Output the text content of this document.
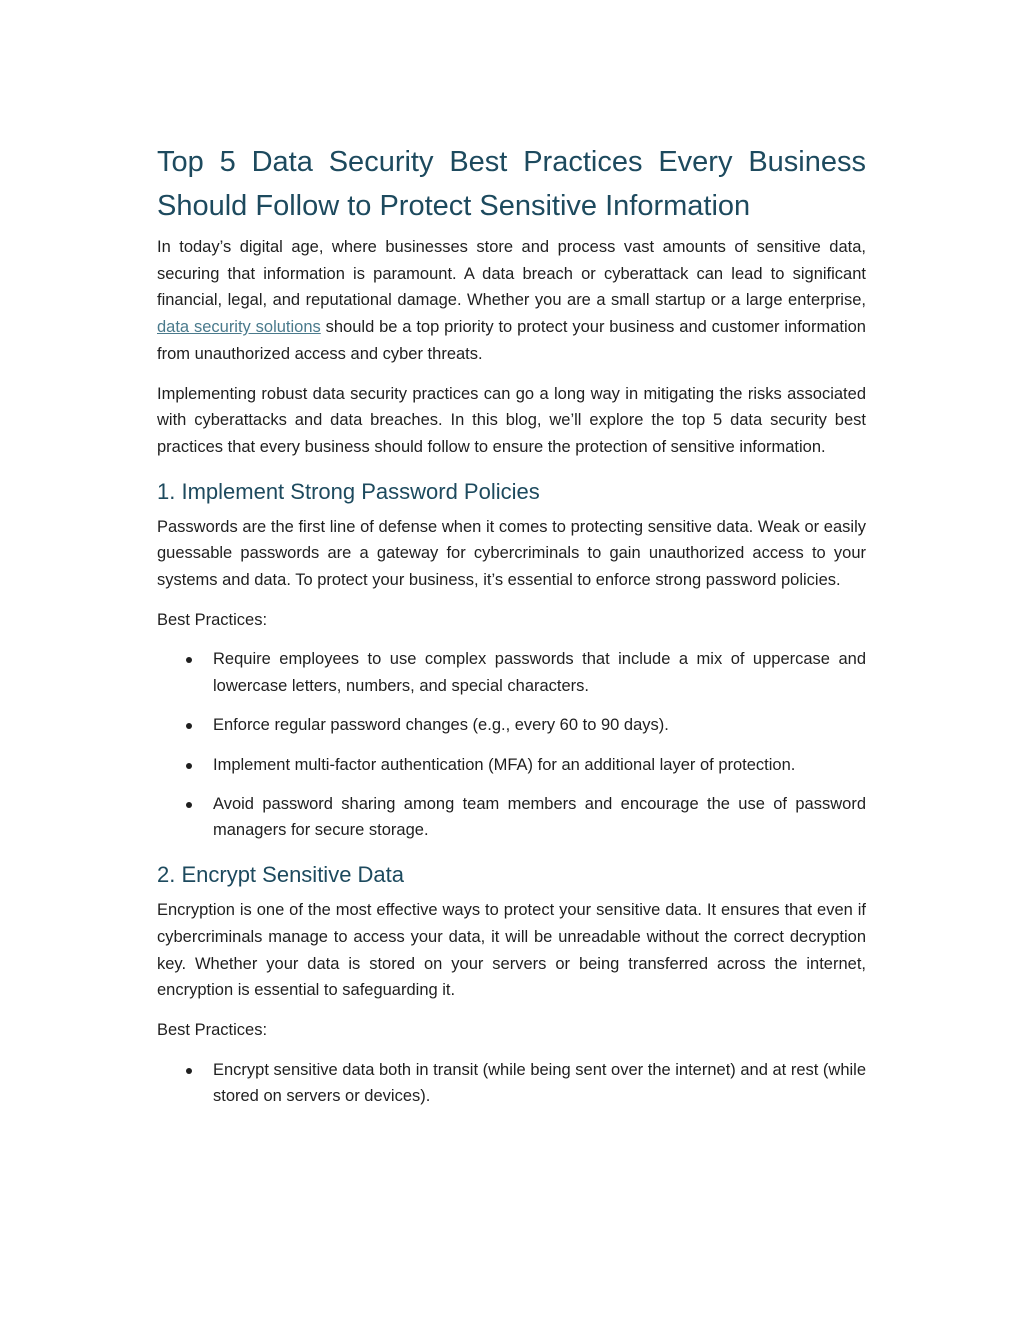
Top 5 Data Security Best Practices Every Business
Should Follow to Protect Sensitive Information

In today’s digital age, where businesses store and process vast amounts of sensitive data, securing that information is paramount. A data breach or cyberattack can lead to significant financial, legal, and reputational damage. Whether you are a small startup or a large enterprise, data security solutions should be a top priority to protect your business and customer information from unauthorized access and cyber threats.

Implementing robust data security practices can go a long way in mitigating the risks associated with cyberattacks and data breaches. In this blog, we’ll explore the top 5 data security best practices that every business should follow to ensure the protection of sensitive information.

1. Implement Strong Password Policies

Passwords are the first line of defense when it comes to protecting sensitive data. Weak or easily guessable passwords are a gateway for cybercriminals to gain unauthorized access to your systems and data. To protect your business, it’s essential to enforce strong password policies.

Best Practices:
Require employees to use complex passwords that include a mix of uppercase and lowercase letters, numbers, and special characters.
Enforce regular password changes (e.g., every 60 to 90 days).
Implement multi-factor authentication (MFA) for an additional layer of protection.
Avoid password sharing among team members and encourage the use of password managers for secure storage.
2. Encrypt Sensitive Data

Encryption is one of the most effective ways to protect your sensitive data. It ensures that even if cybercriminals manage to access your data, it will be unreadable without the correct decryption key. Whether your data is stored on your servers or being transferred across the internet, encryption is essential to safeguarding it.

Best Practices:
Encrypt sensitive data both in transit (while being sent over the internet) and at rest (while stored on servers or devices).
